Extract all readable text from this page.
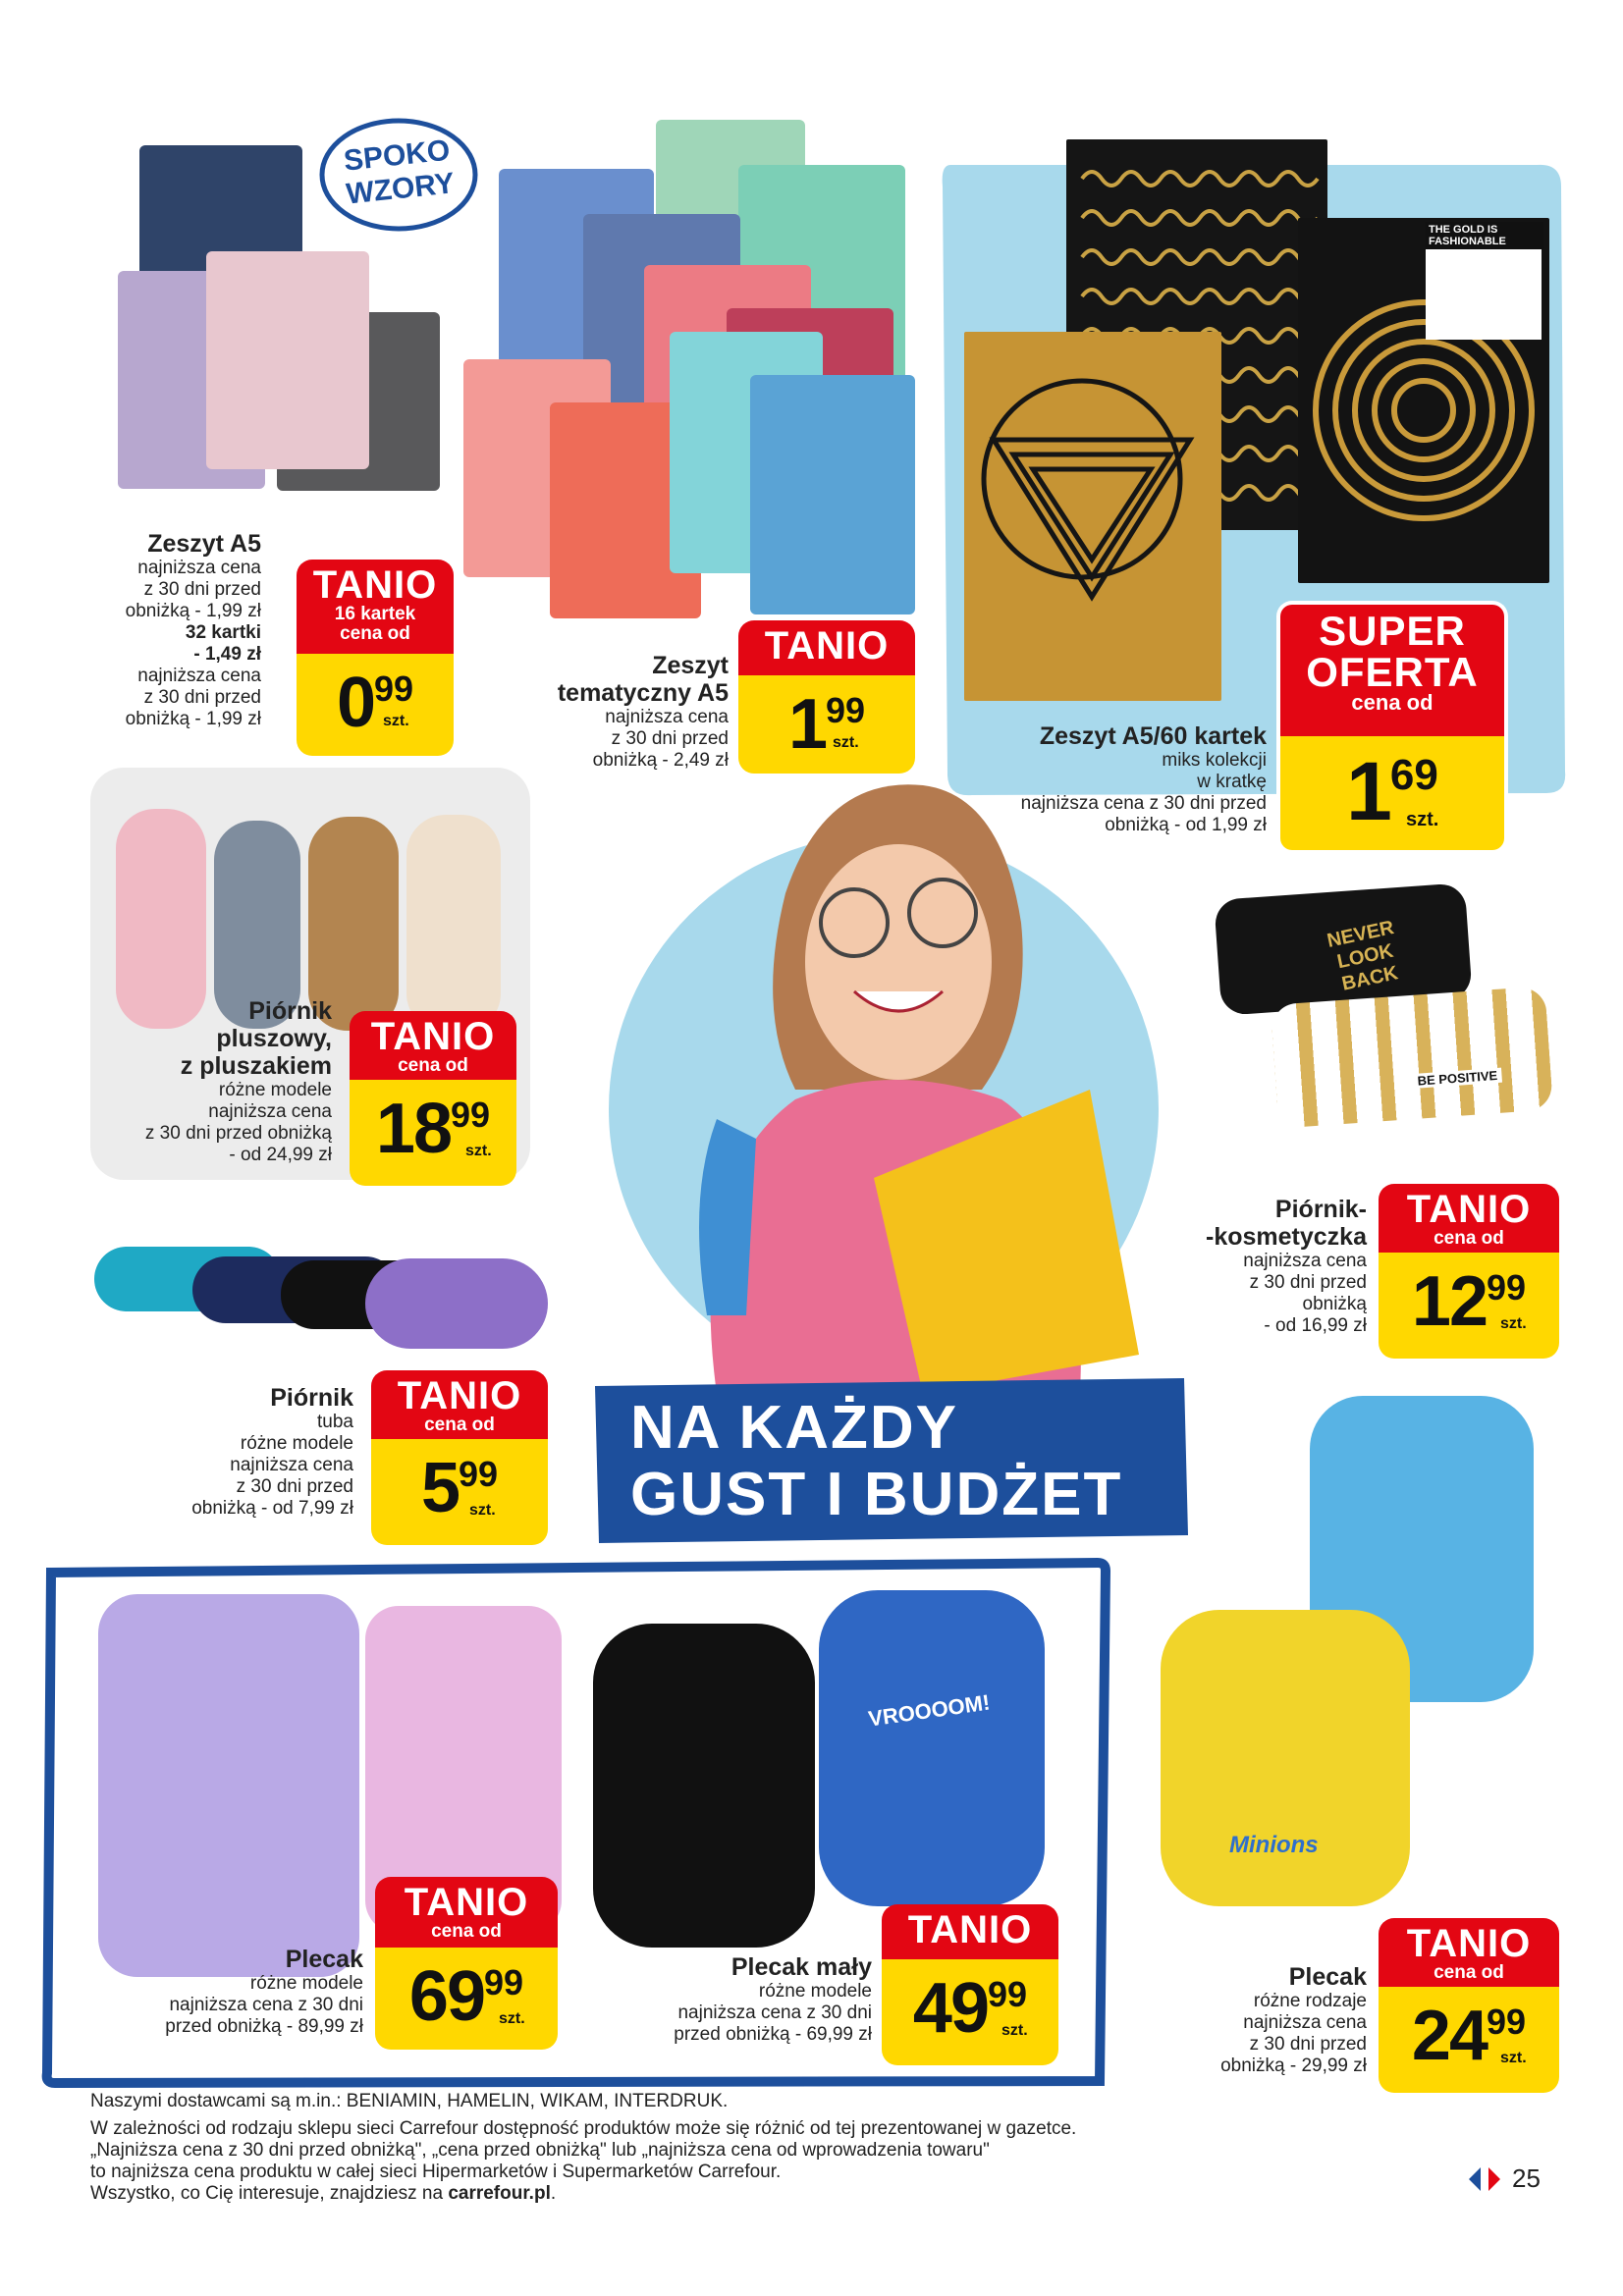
SPOKO WZORY
THE GOLD IS FASHIONABLE
NEVER LOOK BACK
BE POSITIVE
NA KAŻDY
GUST I BUDŻET
VROOOOM!
Minions
Zeszyt A5
najniższa cena
z 30 dni przed
obniżką - 1,99 zł
32 kartki
- 1,49 zł
najniższa cena
z 30 dni przed
obniżką - 1,99 zł
TANIO
16 kartek
cena od
099
szt.
Zeszyt
tematyczny A5
najniższa cena
z 30 dni przed
obniżką - 2,49 zł
TANIO
199
szt.	Zeszyt A5/60 kartek
miks kolekcji
w kratkę
najniższa cena z 30 dni przed
obniżką - od 1,99 zł
SUPER
OFERTA
cena od
169
szt.
Piórnik
pluszowy,
z pluszakiem
różne modele
najniższa cena
z 30 dni przed obniżką
- od 24,99 zł
TANIO
cena od
1899
szt.
Piórnik-
-kosmetyczka
najniższa cena
z 30 dni przed
obniżką
- od 16,99 zł
TANIO
cena od
1299
szt.
Piórnik
tuba
różne modele
najniższa cena
z 30 dni przed
obniżką - od 7,99 zł
TANIO
cena od
599
szt.
Plecak
różne modele
najniższa cena z 30 dni
przed obniżką - 89,99 zł
TANIO
cena od
6999
szt.
Plecak mały
różne modele
najniższa cena z 30 dni
przed obniżką - 69,99 zł
TANIO
4999
szt.
Plecak
różne rodzaje
najniższa cena
z 30 dni przed
obniżką - 29,99 zł
TANIO
cena od
2499
szt.
Naszymi dostawcami są m.in.: BENIAMIN, HAMELIN, WIKAM, INTERDRUK.
W zależności od rodzaju sklepu sieci Carrefour dostępność produktów może się różnić od tej prezentowanej w gazetce.
„Najniższa cena z 30 dni przed obniżką", „cena przed obniżką" lub „najniższa cena od wprowadzenia towaru"
to najniższa cena produktu w całej sieci Hipermarketów i Supermarketów Carrefour.
Wszystko, co Cię interesuje, znajdziesz na carrefour.pl.
25
